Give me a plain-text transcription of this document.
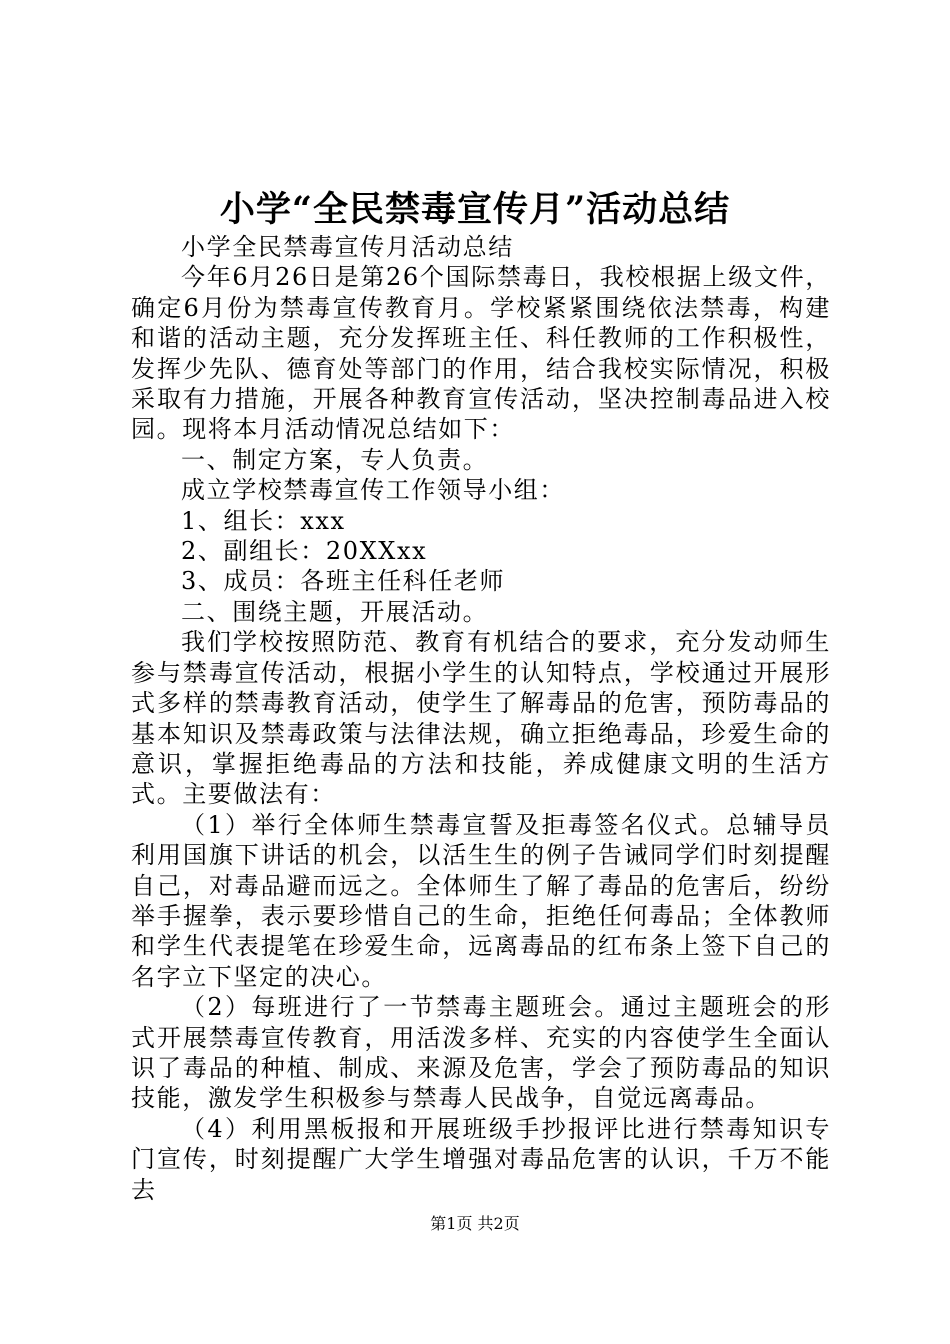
小学“全民禁毒宣传月”活动总结

小学全民禁毒宣传月活动总结

今年6月26日是第26个国际禁毒日，我校根据上级文件，确定6月份为禁毒宣传教育月。学校紧紧围绕依法禁毒，构建和谐的活动主题，充分发挥班主任、科任教师的工作积极性，发挥少先队、德育处等部门的作用，结合我校实际情况，积极采取有力措施，开展各种教育宣传活动，坚决控制毒品进入校园。现将本月活动情况总结如下：

一、制定方案，专人负责。

成立学校禁毒宣传工作领导小组：

1、组长：xxx

2、副组长：20XXxx

3、成员：各班主任科任老师

二、围绕主题，开展活动。

我们学校按照防范、教育有机结合的要求，充分发动师生参与禁毒宣传活动，根据小学生的认知特点，学校通过开展形式多样的禁毒教育活动，使学生了解毒品的危害，预防毒品的基本知识及禁毒政策与法律法规，确立拒绝毒品，珍爱生命的意识，掌握拒绝毒品的方法和技能，养成健康文明的生活方式。主要做法有：

（1）举行全体师生禁毒宣誓及拒毒签名仪式。总辅导员利用国旗下讲话的机会，以活生生的例子告诫同学们时刻提醒自己，对毒品避而远之。全体师生了解了毒品的危害后，纷纷举手握拳，表示要珍惜自己的生命，拒绝任何毒品；全体教师和学生代表提笔在珍爱生命，远离毒品的红布条上签下自己的名字立下坚定的决心。

（2）每班进行了一节禁毒主题班会。通过主题班会的形式开展禁毒宣传教育，用活泼多样、充实的内容使学生全面认识了毒品的种植、制成、来源及危害，学会了预防毒品的知识技能，激发学生积极参与禁毒人民战争，自觉远离毒品。

（4）利用黑板报和开展班级手抄报评比进行禁毒知识专门宣传，时刻提醒广大学生增强对毒品危害的认识，千万不能去

第1页 共2页
